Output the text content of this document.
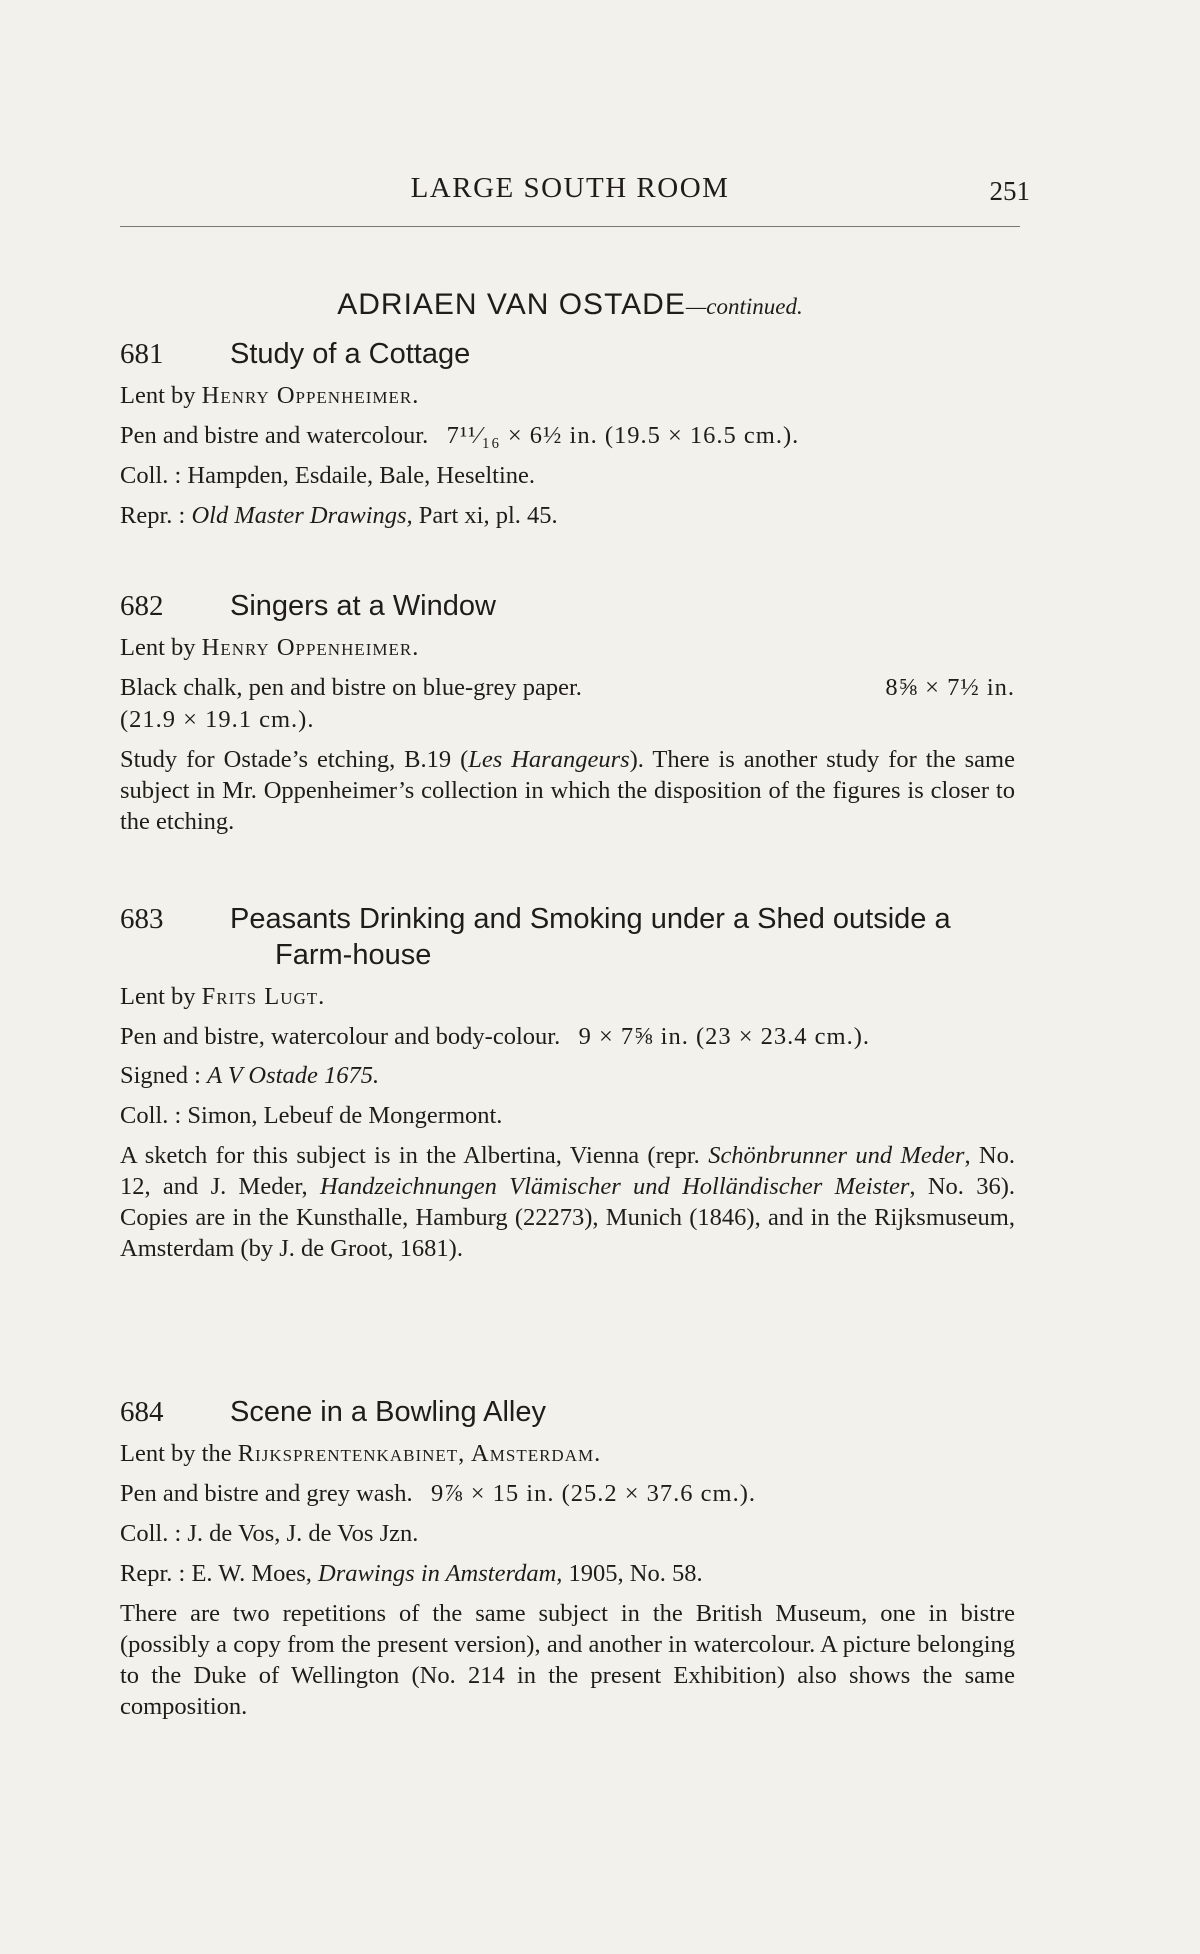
LARGE SOUTH ROOM	251
ADRIAEN VAN OSTADE—continued.
681 Study of a Cottage
Lent by Henry Oppenheimer.
Pen and bistre and watercolour. 7¹¹⁄₁₆ × 6½ in. (19.5 × 16.5 cm.).
Coll. : Hampden, Esdaile, Bale, Heseltine.
Repr. : Old Master Drawings, Part xi, pl. 45.
682 Singers at a Window
Lent by Henry Oppenheimer.
Black chalk, pen and bistre on blue-grey paper.	8⅝ × 7½ in.
(21.9 × 19.1 cm.).
Study for Ostade’s etching, B.19 (Les Harangeurs). There is another study for the same subject in Mr. Oppenheimer’s collection in which the disposition of the figures is closer to the etching.
683 Peasants Drinking and Smoking under a Shed outside a Farm-house
Lent by Frits Lugt.
Pen and bistre, watercolour and body-colour. 9 × 7⅝ in. (23 × 23.4 cm.).
Signed : A V Ostade 1675.
Coll. : Simon, Lebeuf de Mongermont.
A sketch for this subject is in the Albertina, Vienna (repr. Schönbrunner und Meder, No. 12, and J. Meder, Handzeichnungen Vlämischer und Holländischer Meister, No. 36). Copies are in the Kunsthalle, Hamburg (22273), Munich (1846), and in the Rijksmuseum, Amsterdam (by J. de Groot, 1681).
684 Scene in a Bowling Alley
Lent by the Rijksprentenkabinet, Amsterdam.
Pen and bistre and grey wash. 9⅞ × 15 in. (25.2 × 37.6 cm.).
Coll. : J. de Vos, J. de Vos Jzn.
Repr. : E. W. Moes, Drawings in Amsterdam, 1905, No. 58.
There are two repetitions of the same subject in the British Museum, one in bistre (possibly a copy from the present version), and another in watercolour. A picture belonging to the Duke of Wellington (No. 214 in the present Exhibition) also shows the same composition.
